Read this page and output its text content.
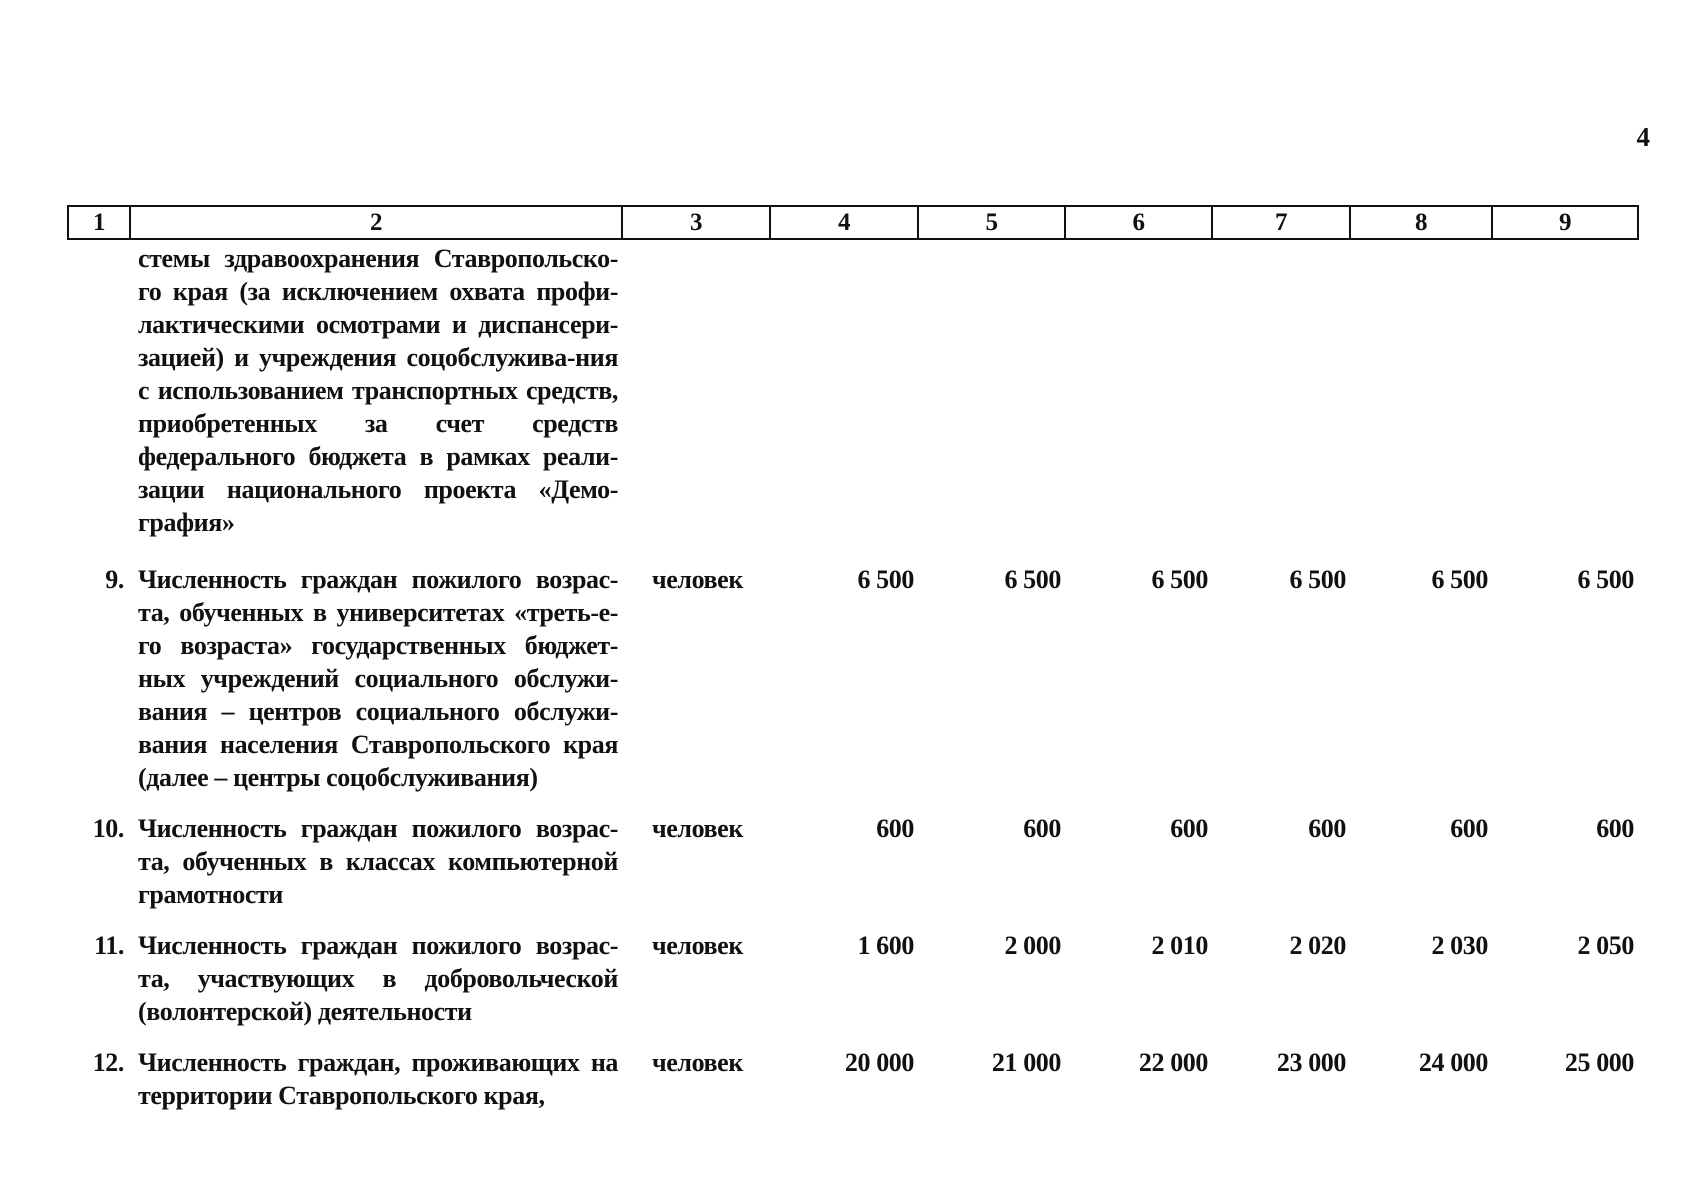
4
1	2	3	4	5	6	7	8	9
	стемы здравоохранения Ставропольско-го края (за исключением охвата профи-лактическими осмотрами и диспансери-зацией) и учреждения соцобслужива-ния с использованием транспортных средств, приобретенных за счет средств федерального бюджета в рамках реали-зации национального проекта «Демо-графия»							
9.	Численность граждан пожилого возрас-та, обученных в университетах «треть-е-го возраста» государственных бюджет-ных учреждений социального обслужи-вания – центров социального обслужи-вания населения Ставропольского края (далее – центры соцобслуживания)	человек	6 500	6 500	6 500	6 500	6 500	6 500
10.	Численность граждан пожилого возрас-та, обученных в классах компьютерной грамотности	человек	600	600	600	600	600	600
11.	Численность граждан пожилого возрас-та, участвующих в добровольческой (волонтерской) деятельности	человек	1 600	2 000	2 010	2 020	2 030	2 050
12.	Численность граждан, проживающих на территории Ставропольского края,	человек	20 000	21 000	22 000	23 000	24 000	25 000
